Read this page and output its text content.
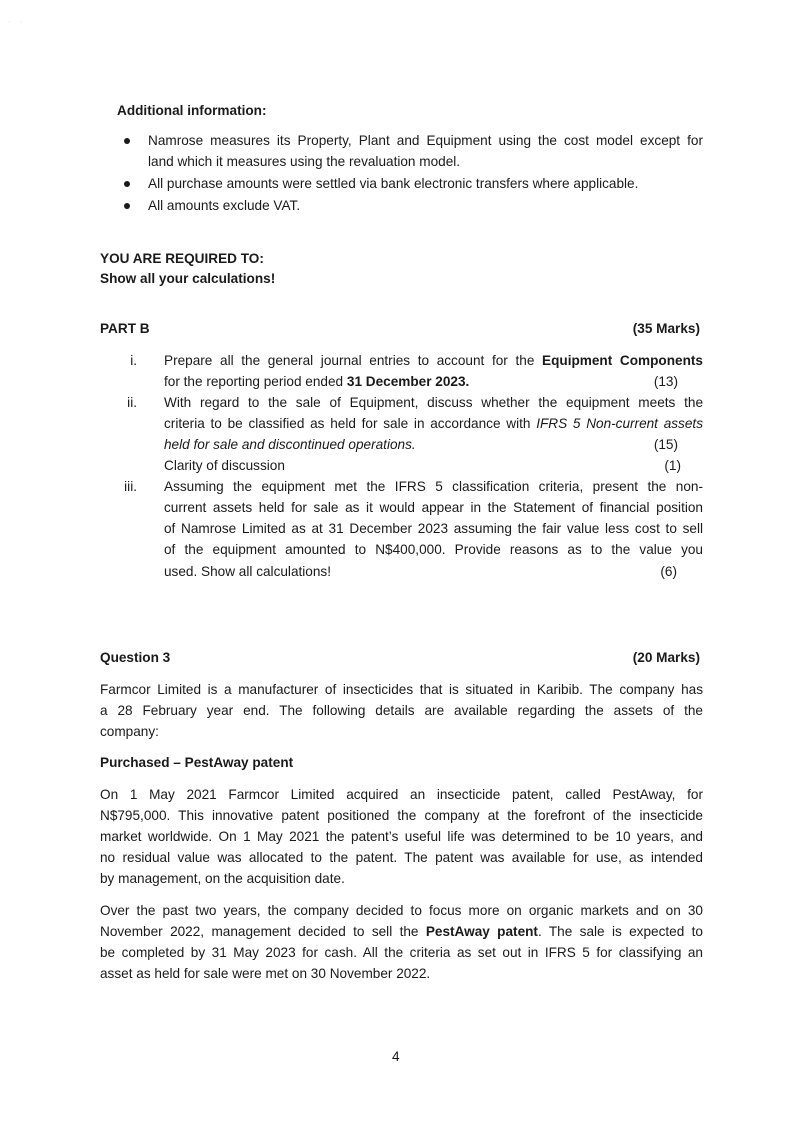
·     ·
Additional information:
Namrose measures its Property, Plant and Equipment using the cost model except for
land which it measures using the revaluation model.
All purchase amounts were settled via bank electronic transfers where applicable.
All amounts exclude VAT.
YOU ARE REQUIRED TO:
Show all your calculations!
PART B	(35 Marks)
i. Prepare all the general journal entries to account for the Equipment Components
for the reporting period ended 31 December 2023.	(13)
ii. With regard to the sale of Equipment, discuss whether the equipment meets the
criteria to be classified as held for sale in accordance with IFRS 5 Non-current assets
held for sale and discontinued operations.	(15)
Clarity of discussion	(1)
iii. Assuming the equipment met the IFRS 5 classification criteria, present the non-
current assets held for sale as it would appear in the Statement of financial position
of Namrose Limited as at 31 December 2023 assuming the fair value less cost to sell
of the equipment amounted to N$400,000. Provide reasons as to the value you
used. Show all calculations!	(6)
Question 3	(20 Marks)
Farmcor Limited is a manufacturer of insecticides that is situated in Karibib. The company has
a 28 February year end. The following details are available regarding the assets of the
company:
Purchased – PestAway patent
On 1 May 2021 Farmcor Limited acquired an insecticide patent, called PestAway, for
N$795,000. This innovative patent positioned the company at the forefront of the insecticide
market worldwide. On 1 May 2021 the patent’s useful life was determined to be 10 years, and
no residual value was allocated to the patent. The patent was available for use, as intended
by management, on the acquisition date.
Over the past two years, the company decided to focus more on organic markets and on 30
November 2022, management decided to sell the PestAway patent. The sale is expected to
be completed by 31 May 2023 for cash. All the criteria as set out in IFRS 5 for classifying an
asset as held for sale were met on 30 November 2022.
4
